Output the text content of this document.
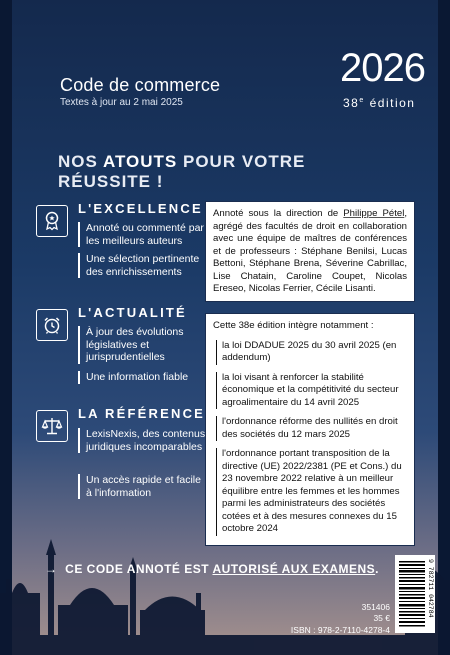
Code de commerce
Textes à jour au 2 mai 2025
2026
38e édition
NOS ATOUTS POUR VOTRE RÉUSSITE !
L'EXCELLENCE
Annoté ou commenté par les meilleurs auteurs
Une sélection pertinente des enrichissements
L'ACTUALITÉ
À jour des évolutions législatives et jurisprudentielles
Une information fiable
LA RÉFÉRENCE
LexisNexis, des contenus juridiques incomparables
Un accès rapide et facile à l'information
Annoté sous la direction de Philippe Pétel, agrégé des facultés de droit en collaboration avec une équipe de maîtres de conférences et de professeurs : Stéphane Benilsi, Lucas Bettoni, Stéphane Brena, Séverine Cabrillac, Lise Chatain, Caroline Coupet, Nicolas Ereseo, Nicolas Ferrier, Cécile Lisanti.
Cette 38e édition intègre notamment :
la loi DDADUE 2025 du 30 avril 2025 (en addendum)
la loi visant à renforcer la stabilité économique et la compétitivité du secteur agroalimentaire du 14 avril 2025
l'ordonnance réforme des nullités en droit des sociétés du 12 mars 2025
l'ordonnance portant transposition de la directive (UE) 2022/2381 (PE et Cons.) du 23 novembre 2022 relative à un meilleur équilibre entre les femmes et les hommes parmi les administrateurs des sociétés cotées et à des mesures connexes du 15 octobre 2024
→ CE CODE ANNOTÉ EST AUTORISÉ AUX EXAMENS.
351406
35 €
ISBN : 978-2-7110-4278-4
9 782711 042784
